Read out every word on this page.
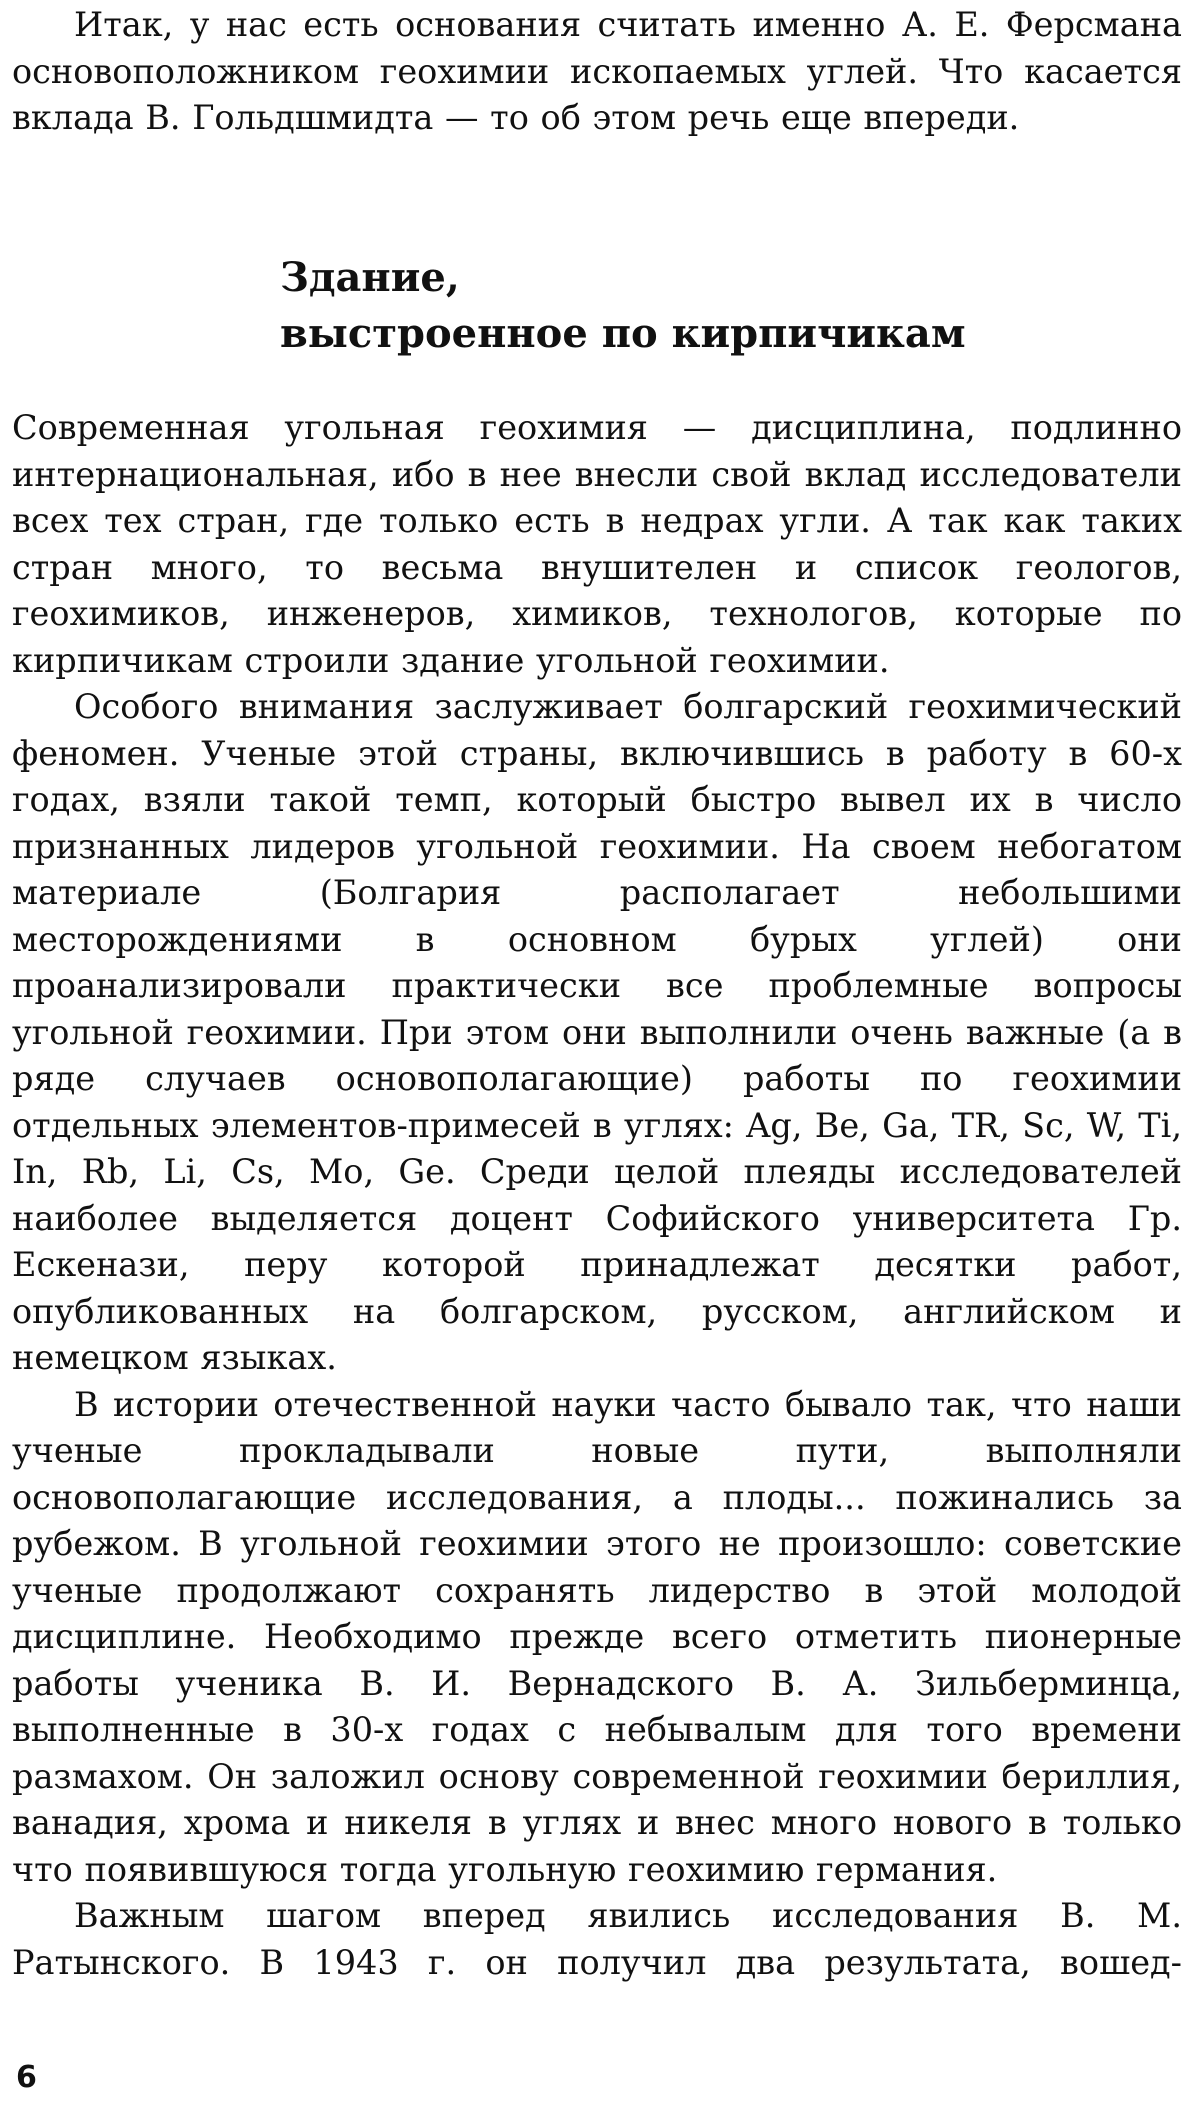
Итак, у нас есть основания считать именно А. Е. Ферсмана основоположником геохимии ископаемых углей. Что касается вклада В. Гольдшмидта — то об этом речь еще впереди.

Здание,
выстроенное по кирпичикам

Современная угольная геохимия — дисциплина, подлинно интернациональная, ибо в нее внесли свой вклад исследователи всех тех стран, где только есть в недрах угли. А так как таких стран много, то весьма внушителен и список геологов, геохимиков, инженеров, химиков, технологов, которые по кирпичикам строили здание угольной геохимии.

Особого внимания заслуживает болгарский геохимический феномен. Ученые этой страны, включившись в работу в 60-х годах, взяли такой темп, который быстро вывел их в число признанных лидеров угольной геохимии. На своем небогатом материале (Болгария располагает небольшими месторождениями в основном бурых углей) они проанализировали практически все проблемные вопросы угольной геохимии. При этом они выполнили очень важные (а в ряде случаев основополагающие) работы по геохимии отдельных элементов-примесей в углях: Ag, Be, Ga, TR, Sc, W, Ti, In, Rb, Li, Cs, Mo, Ge. Среди целой плеяды исследователей наиболее выделяется доцент Софийского университета Гр. Ескенази, перу которой принадлежат десятки работ, опубликованных на болгарском, русском, английском и немецком языках.

В истории отечественной науки часто бывало так, что наши ученые прокладывали новые пути, выполняли основополагающие исследования, а плоды... пожинались за рубежом. В угольной геохимии этого не произошло: советские ученые продолжают сохранять лидерство в этой молодой дисциплине. Необходимо прежде всего отметить пионерные работы ученика В. И. Вернадского В. А. Зильберминца, выполненные в 30-х годах с небывалым для того времени размахом. Он заложил основу современной геохимии бериллия, ванадия, хрома и никеля в углях и внес много нового в только что появившуюся тогда угольную геохимию германия.

Важным шагом вперед явились исследования В. М. Ратынского. В 1943 г. он получил два результата, вошед-

6
